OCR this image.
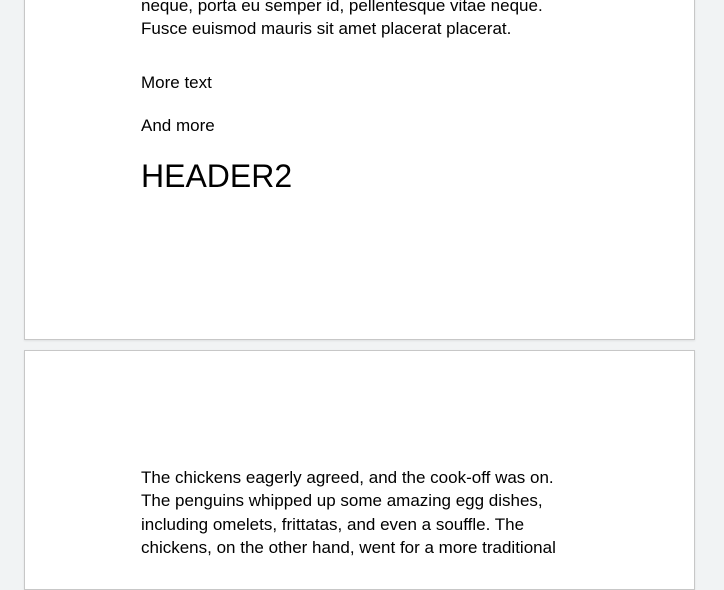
neque, porta eu semper id, pellentesque vitae neque.
Fusce euismod mauris sit amet placerat placerat.

More text

And more

HEADER2

The chickens eagerly agreed, and the cook-off was on.
The penguins whipped up some amazing egg dishes,
including omelets, frittatas, and even a souffle. The
chickens, on the other hand, went for a more traditional
